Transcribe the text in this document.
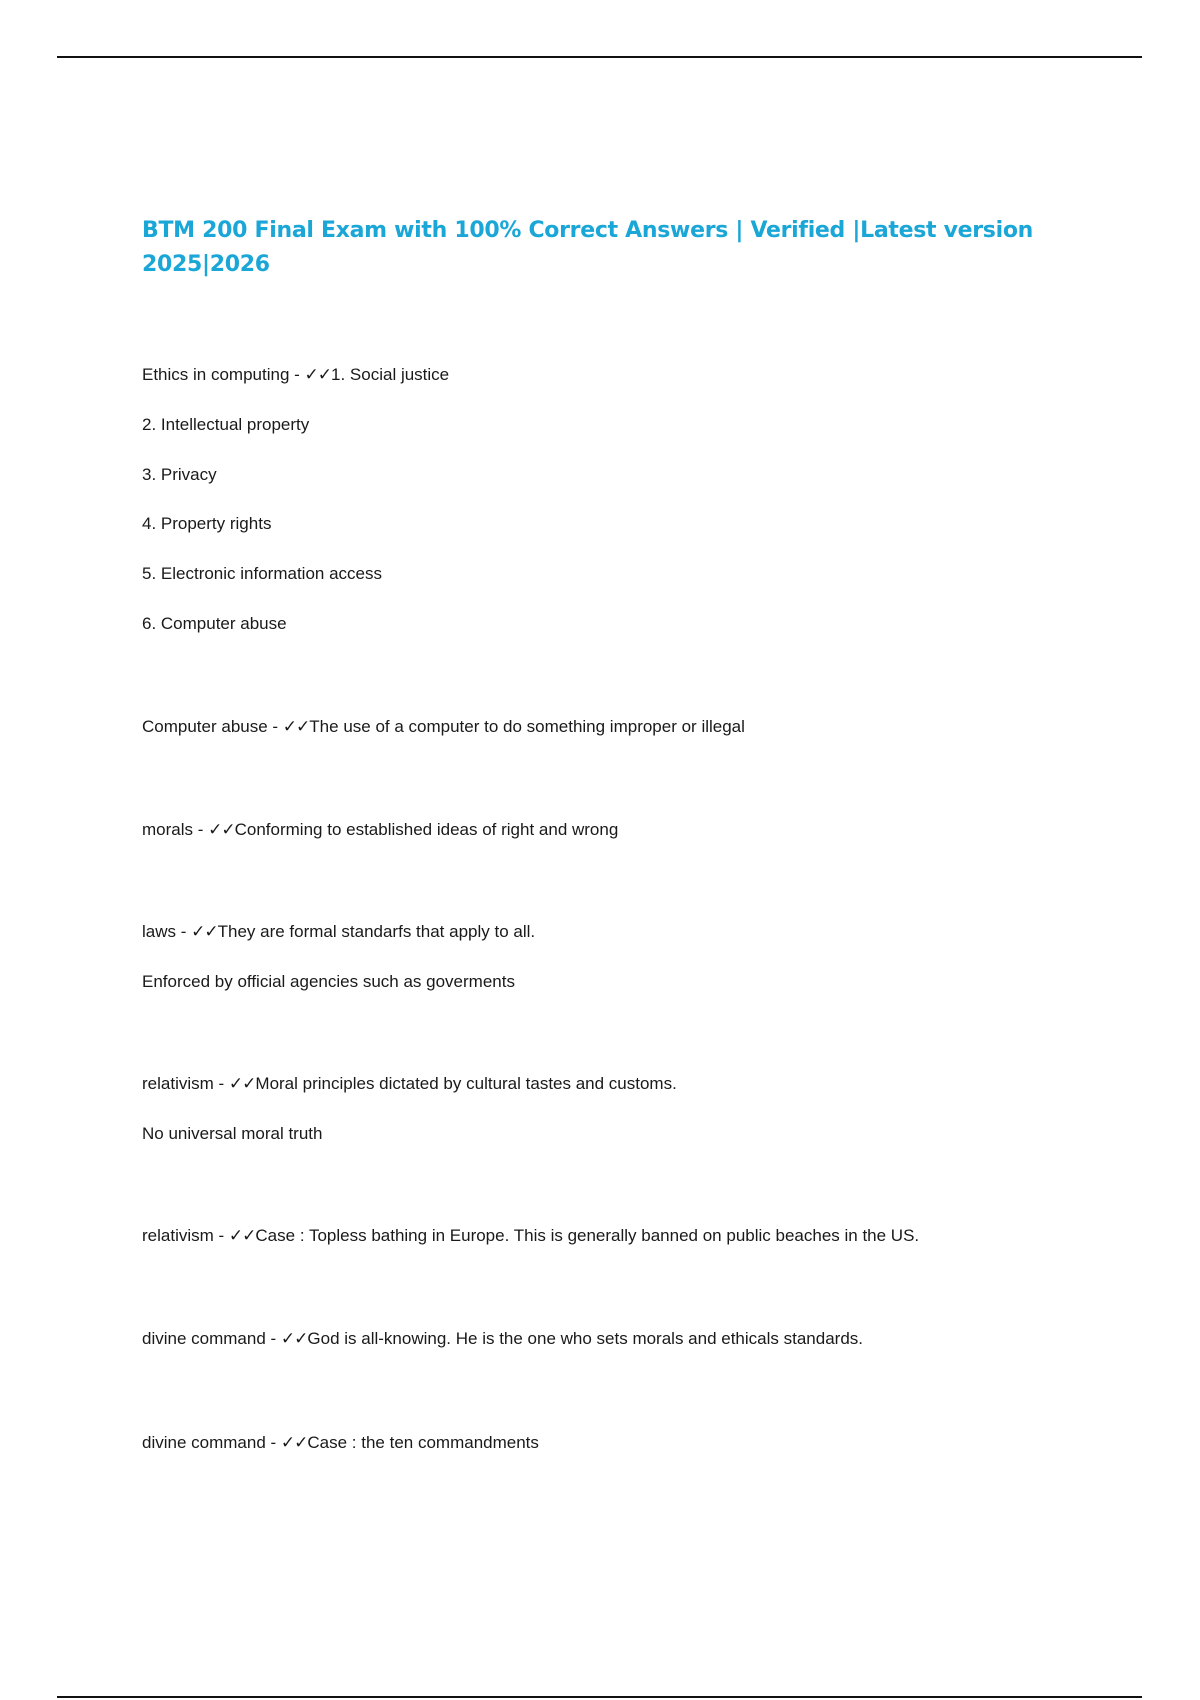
BTM 200 Final Exam with 100% Correct Answers | Verified |Latest version 2025|2026
Ethics in computing - ✓✓1. Social justice
2. Intellectual property
3. Privacy
4. Property rights
5. Electronic information access
6. Computer abuse
Computer abuse - ✓✓The use of a computer to do something improper or illegal
morals - ✓✓Conforming to established ideas of right and wrong
laws - ✓✓They are formal standarfs that apply to all.
Enforced by official agencies such as goverments
relativism - ✓✓Moral principles dictated by cultural tastes and customs.
No universal moral truth
relativism - ✓✓Case : Topless bathing in Europe. This is generally banned on public beaches in the US.
divine command - ✓✓God is all-knowing. He is the one who sets morals and ethicals standards.
divine command - ✓✓Case : the ten commandments
